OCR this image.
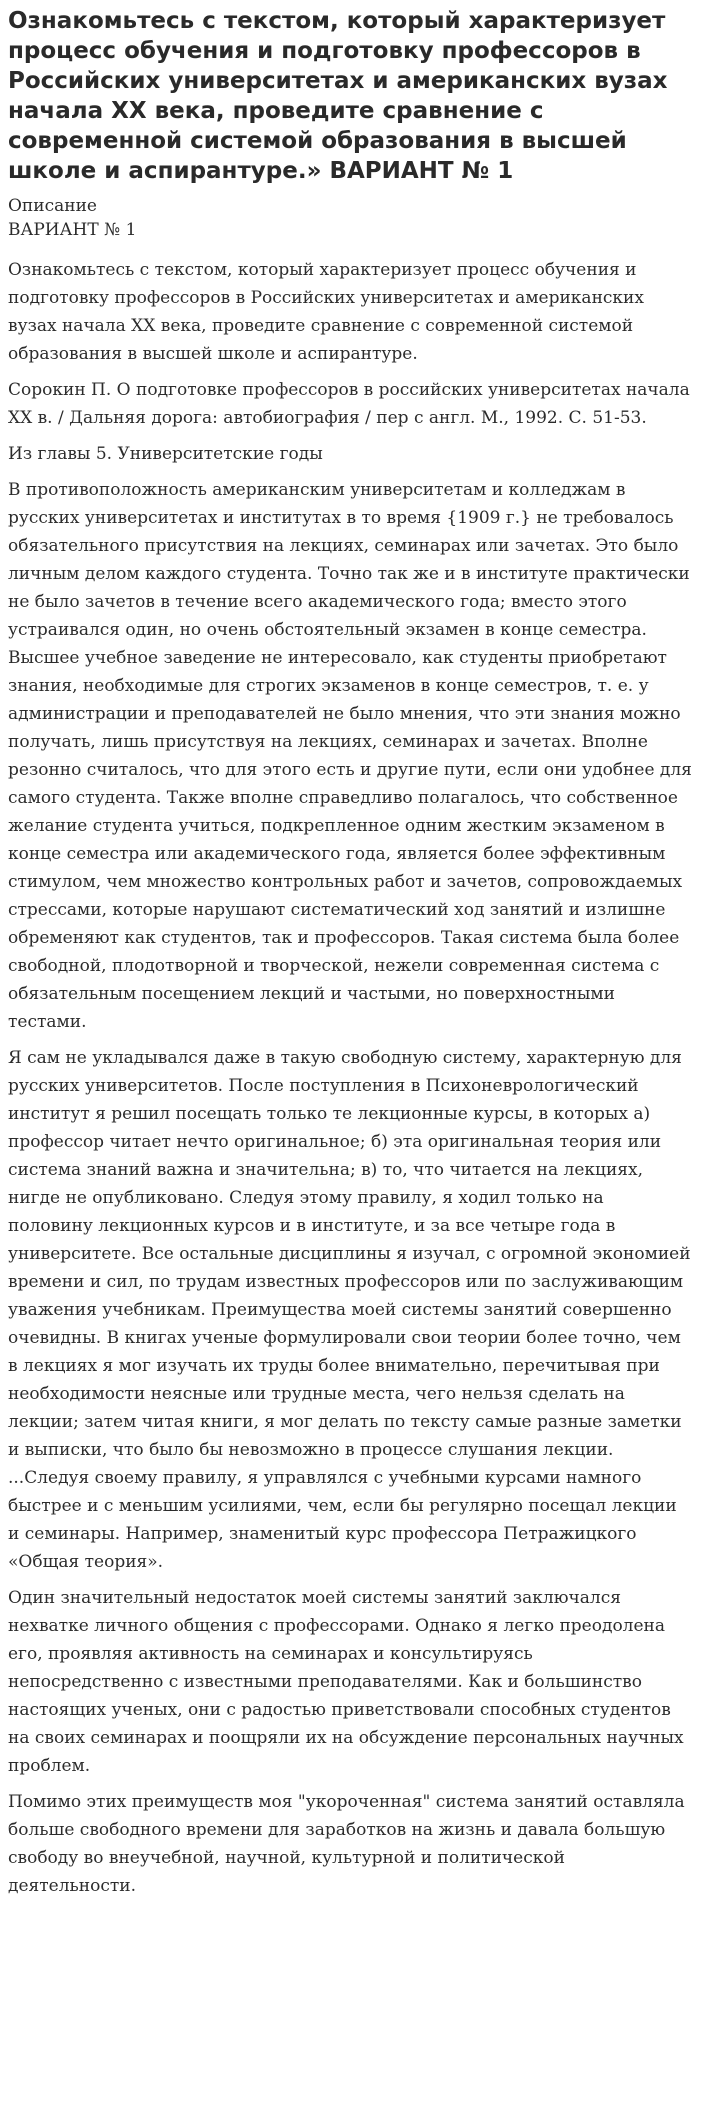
Ознакомьтесь с текстом, который характеризует процесс обучения и подготовку профессоров в Российских университетах и американских вузах начала ХХ века, проведите сравнение с современной системой образования в высшей школе и аспирантуре.» ВАРИАНТ № 1
Описание
ВАРИАНТ № 1

Ознакомьтесь с текстом, который характеризует процесс обучения и подготовку профессоров в Российских университетах и американских вузах начала ХХ века, проведите сравнение с современной системой образования в высшей школе и аспирантуре.

Сорокин П. О подготовке профессоров в российских университетах начала ХХ в. / Дальняя дорога: автобиография / пер с англ. М., 1992. С. 51-53.

Из главы 5. Университетские годы

В противоположность американским университетам и колледжам в русских университетах и институтах в то время {1909 г.} не требовалось обязательного присутствия на лекциях, семинарах или зачетах. Это было личным делом каждого студента. Точно так же и в институте практически не было зачетов в течение всего академического года; вместо этого устраивался один, но очень обстоятельный экзамен в конце семестра. Высшее учебное заведение не интересовало, как студенты приобретают знания, необходимые для строгих экзаменов в конце семестров, т. е. у администрации и преподавателей не было мнения, что эти знания можно получать, лишь присутствуя на лекциях, семинарах и зачетах. Вполне резонно считалось, что для этого есть и другие пути, если они удобнее для самого студента. Также вполне справедливо полагалось, что собственное желание студента учиться, подкрепленное одним жестким экзаменом в конце семестра или академического года, является более эффективным стимулом, чем множество контрольных работ и зачетов, сопровождаемых стрессами, которые нарушают систематический ход занятий и излишне обременяют как студентов, так и профессоров. Такая система была более свободной, плодотворной и творческой, нежели современная система с обязательным посещением лекций и частыми, но поверхностными тестами.

Я сам не укладывался даже в такую свободную систему, характерную для русских университетов. После поступления в Психоневрологический институт я решил посещать только те лекционные курсы, в которых а) профессор читает нечто оригинальное; б) эта оригинальная теория или система знаний важна и значительна; в) то, что читается на лекциях, нигде не опубликовано. Следуя этому правилу, я ходил только на половину лекционных курсов и в институте, и за все четыре года в университете. Все остальные дисциплины я изучал, с огромной экономией времени и сил, по трудам известных профессоров или по заслуживающим уважения учебникам. Преимущества моей системы занятий совершенно очевидны. В книгах ученые формулировали свои теории более точно, чем в лекциях я мог изучать их труды более внимательно, перечитывая при необходимости неясные или трудные места, чего нельзя сделать на лекции; затем читая книги, я мог делать по тексту самые разные заметки и выписки, что было бы невозможно в процессе слушания лекции. ...Следуя своему правилу, я управлялся с учебными курсами намного быстрее и с меньшим усилиями, чем, если бы регулярно посещал лекции и семинары. Например, знаменитый курс профессора Петражицкого «Общая теория».

Один значительный недостаток моей системы занятий заключался нехватке личного общения с профессорами. Однако я легко преодолена его, проявляя активность на семинарах и консультируясь непосредственно с известными преподавателями. Как и большинство настоящих ученых, они с радостью приветствовали способных студентов на своих семинарах и поощряли их на обсуждение персональных научных проблем.

Помимо этих преимуществ моя "укороченная" система занятий оставляла больше свободного времени для заработков на жизнь и давала большую свободу во внеучебной, научной, культурной и политической деятельности.
